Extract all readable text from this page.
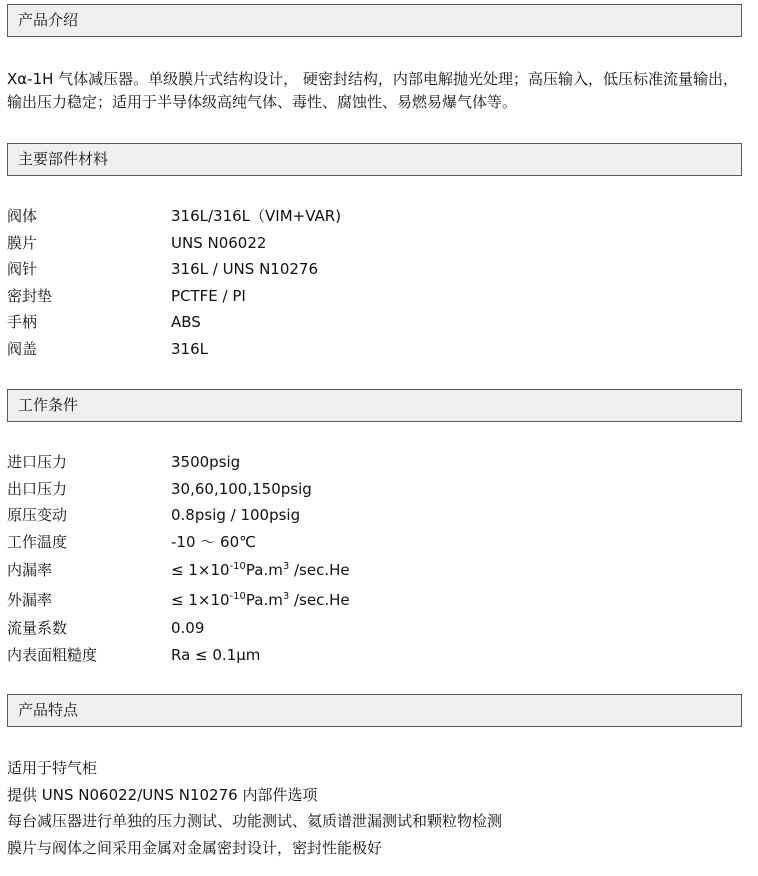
产品介绍

Xα-1H 气体减压器。单级膜片式结构设计， 硬密封结构，内部电解抛光处理；高压输入，低压标准流量输出，输出压力稳定；适用于半导体级高纯气体、毒性、腐蚀性、易燃易爆气体等。

主要部件材料
阀体	316L/316L（VIM+VAR)
膜片	UNS N06022
阀针	316L / UNS N10276
密封垫	PCTFE / PI
手柄	ABS
阀盖	316L
工作条件
进口压力	3500psig
出口压力	30,60,100,150psig
原压变动	0.8psig / 100psig
工作温度	-10 ～ 60℃
内漏率	≤ $1\times 10^{-10}Pa.m^3$ /sec.He
外漏率	≤ $1\times 10^{-10}Pa.m^3$ /sec.He
流量系数	0.09
内表面粗糙度	Ra ≤ 0.1μm
产品特点
适用于特气柜
提供 UNS N06022/UNS N10276 内部件选项
每台减压器进行单独的压力测试、功能测试、氦质谱泄漏测试和颗粒物检测
膜片与阀体之间采用金属对金属密封设计，密封性能极好
